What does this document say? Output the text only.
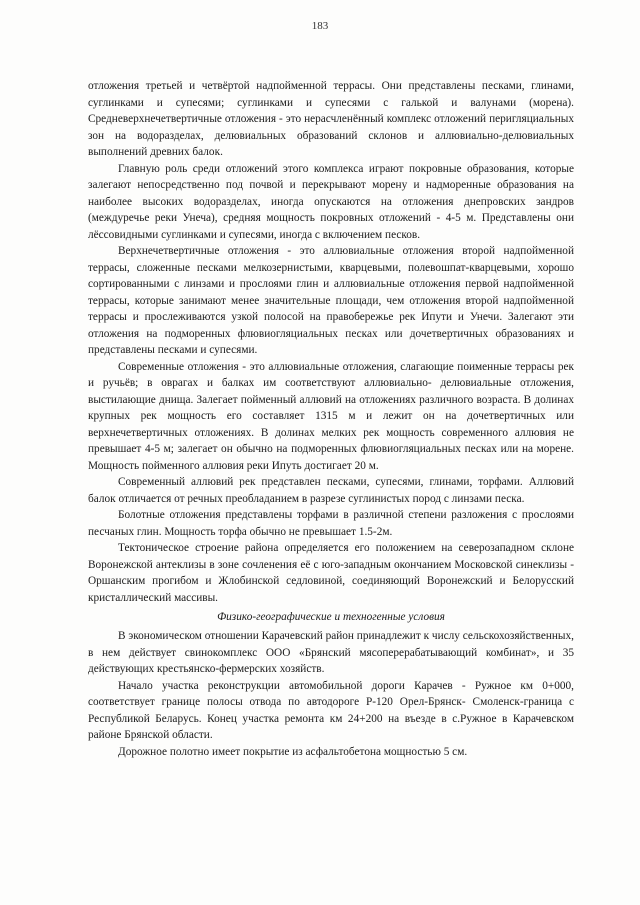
183

отложения третьей и четвёртой надпойменной террасы. Они представлены песками, глинами, суглинками и супесями; суглинками и супесями с галькой и валунами (морена). Средневерхнечетвертичные отложения - это нерасчленённый комплекс отложений перигляциальных зон на водоразделах, делювиальных образований склонов и аллювиально-делювиальных выполнений древних балок.

Главную роль среди отложений этого комплекса играют покровные образования, которые залегают непосредственно под почвой и перекрывают морену и надморенные образования на наиболее высоких водоразделах, иногда опускаются на отложения днепровских зандров (междуречье реки Унеча), средняя мощность покровных отложений - 4-5 м. Представлены они лёссовидными суглинками и супесями, иногда с включением песков.

Верхнечетвертичные отложения - это аллювиальные отложения второй надпойменной террасы, сложенные песками мелкозернистыми, кварцевыми, полевошпат-кварцевыми, хорошо сортированными с линзами и прослоями глин и аллювиальные отложения первой надпойменной террасы, которые занимают менее значительные площади, чем отложения второй надпойменной террасы и прослеживаются узкой полосой на правобережье рек Ипути и Унечи. Залегают эти отложения на подморенных флювиогляциальных песках или дочетвертичных образованиях и представлены песками и супесями.

Современные отложения - это аллювиальные отложения, слагающие поименные террасы рек и ручьёв; в оврагах и балках им соответствуют аллювиально- делювиальные отложения, выстилающие днища. Залегает пойменный аллювий на отложениях различного возраста. В долинах крупных рек мощность его составляет 1315 м и лежит он на дочетвертичных или верхнечетвертичных отложениях. В долинах мелких рек мощность современного аллювия не превышает 4-5 м; залегает он обычно на подморенных флювиогляциальных песках или на морене. Мощность пойменного аллювия реки Ипуть достигает 20 м.

Современный аллювий рек представлен песками, супесями, глинами, торфами. Аллювий балок отличается от речных преобладанием в разрезе суглинистых пород с линзами песка.

Болотные отложения представлены торфами в различной степени разложения с прослоями песчаных глин. Мощность торфа обычно не превышает 1.5-2м.

Тектоническое строение района определяется его положением на северозападном склоне Воронежской антеклизы в зоне сочленения её с юго-западным окончанием Московской синеклизы - Оршанским прогибом и Жлобинской седловиной, соединяющий Воронежский и Белорусский кристаллический массивы.

Физико-географические и техногенные условия

В экономическом отношении Карачевский район принадлежит к числу сельскохозяйственных, в нем действует свинокомплекс ООО «Брянский мясоперерабатывающий комбинат», и 35 действующих крестьянско-фермерских хозяйств.

Начало участка реконструкции автомобильной дороги Карачев - Ружное км 0+000, соответствует границе полосы отвода по автодороге Р-120 Орел-Брянск- Смоленск-граница с Республикой Беларусь. Конец участка ремонта км 24+200 на въезде в с.Ружное в Карачевском районе Брянской области.

Дорожное полотно имеет покрытие из асфальтобетона мощностью 5 см.
